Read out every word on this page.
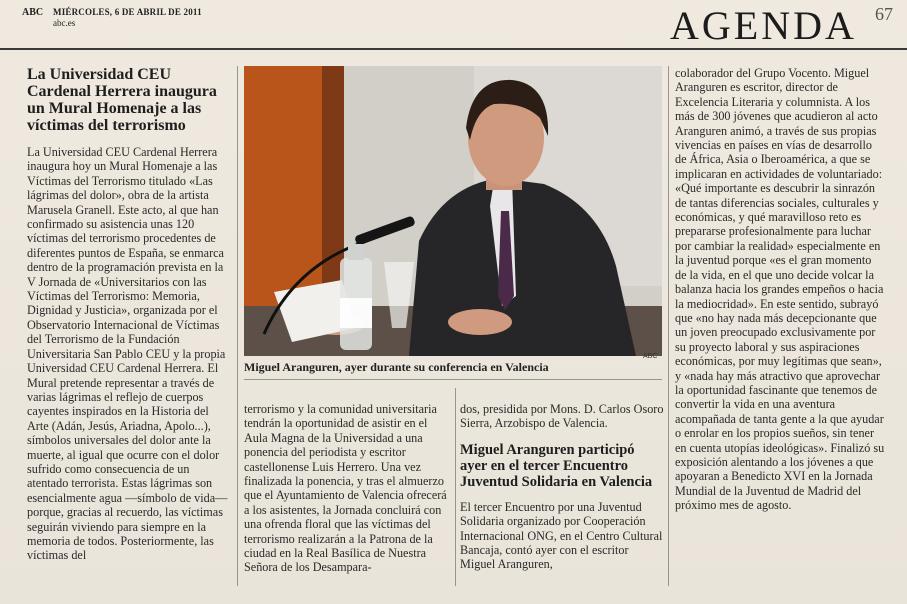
ABC MIÉRCOLES, 6 DE ABRIL DE 2011
abc.es	AGENDA 67
La Universidad CEU Cardenal Herrera inaugura un Mural Homenaje a las víctimas del terrorismo

La Universidad CEU Cardenal Herrera inaugura hoy un Mural Homenaje a las Víctimas del Terrorismo titulado «Las lágrimas del dolor», obra de la artista Marusela Granell. Este acto, al que han confirmado su asistencia unas 120 víctimas del terrorismo procedentes de diferentes puntos de España, se enmarca dentro de la programación prevista en la V Jornada de «Universitarios con las Víctimas del Terrorismo: Memoria, Dignidad y Justicia», organizada por el Observatorio Internacional de Víctimas del Terrorismo de la Fundación Universitaria San Pablo CEU y la propia Universidad CEU Cardenal Herrera. El Mural pretende representar a través de varias lágrimas el reflejo de cuerpos cayentes inspirados en la Historia del Arte (Adán, Jesús, Ariadna, Apolo...), símbolos universales del dolor ante la muerte, al igual que ocurre con el dolor sufrido como consecuencia de un atentado terrorista. Estas lágrimas son esencialmente agua —símbolo de vida— porque, gracias al recuerdo, las víctimas seguirán viviendo para siempre en la memoria de todos. Posteriormente, las víctimas del

ABC
Miguel Aranguren, ayer durante su conferencia en Valencia

terrorismo y la comunidad universitaria tendrán la oportunidad de asistir en el Aula Magna de la Universidad a una ponencia del periodista y escritor castellonense Luis Herrero. Una vez finalizada la ponencia, y tras el almuerzo que el Ayuntamiento de Valencia ofrecerá a los asistentes, la Jornada concluirá con una ofrenda floral que las víctimas del terrorismo realizarán a la Patrona de la ciudad en la Real Basílica de Nuestra Señora de los Desampara-

dos, presidida por Mons. D. Carlos Osoro Sierra, Arzobispo de Valencia.

Miguel Aranguren participó ayer en el tercer Encuentro Juventud Solidaria en Valencia

El tercer Encuentro por una Juventud Solidaria organizado por Cooperación Internacional ONG, en el Centro Cultural Bancaja, contó ayer con el escritor Miguel Aranguren,

colaborador del Grupo Vocento. Miguel Aranguren es escritor, director de Excelencia Literaria y columnista. A los más de 300 jóvenes que acudieron al acto Aranguren animó, a través de sus propias vivencias en países en vías de desarrollo de África, Asia o Iberoamérica, a que se implicaran en actividades de voluntariado: «Qué importante es descubrir la sinrazón de tantas diferencias sociales, culturales y económicas, y qué maravilloso reto es prepararse profesionalmente para luchar por cambiar la realidad» especialmente en la juventud porque «es el gran momento de la vida, en el que uno decide volcar la balanza hacia los grandes empeños o hacia la mediocridad». En este sentido, subrayó que «no hay nada más decepcionante que un joven preocupado exclusivamente por su proyecto laboral y sus aspiraciones económicas, por muy legítimas que sean», y «nada hay más atractivo que aprovechar la oportunidad fascinante que tenemos de convertir la vida en una aventura acompañada de tanta gente a la que ayudar o enrolar en los propios sueños, sin tener en cuenta utopías ideológicas». Finalizó su exposición alentando a los jóvenes a que apoyaran a Benedicto XVI en la Jornada Mundial de la Juventud de Madrid del próximo mes de agosto.
